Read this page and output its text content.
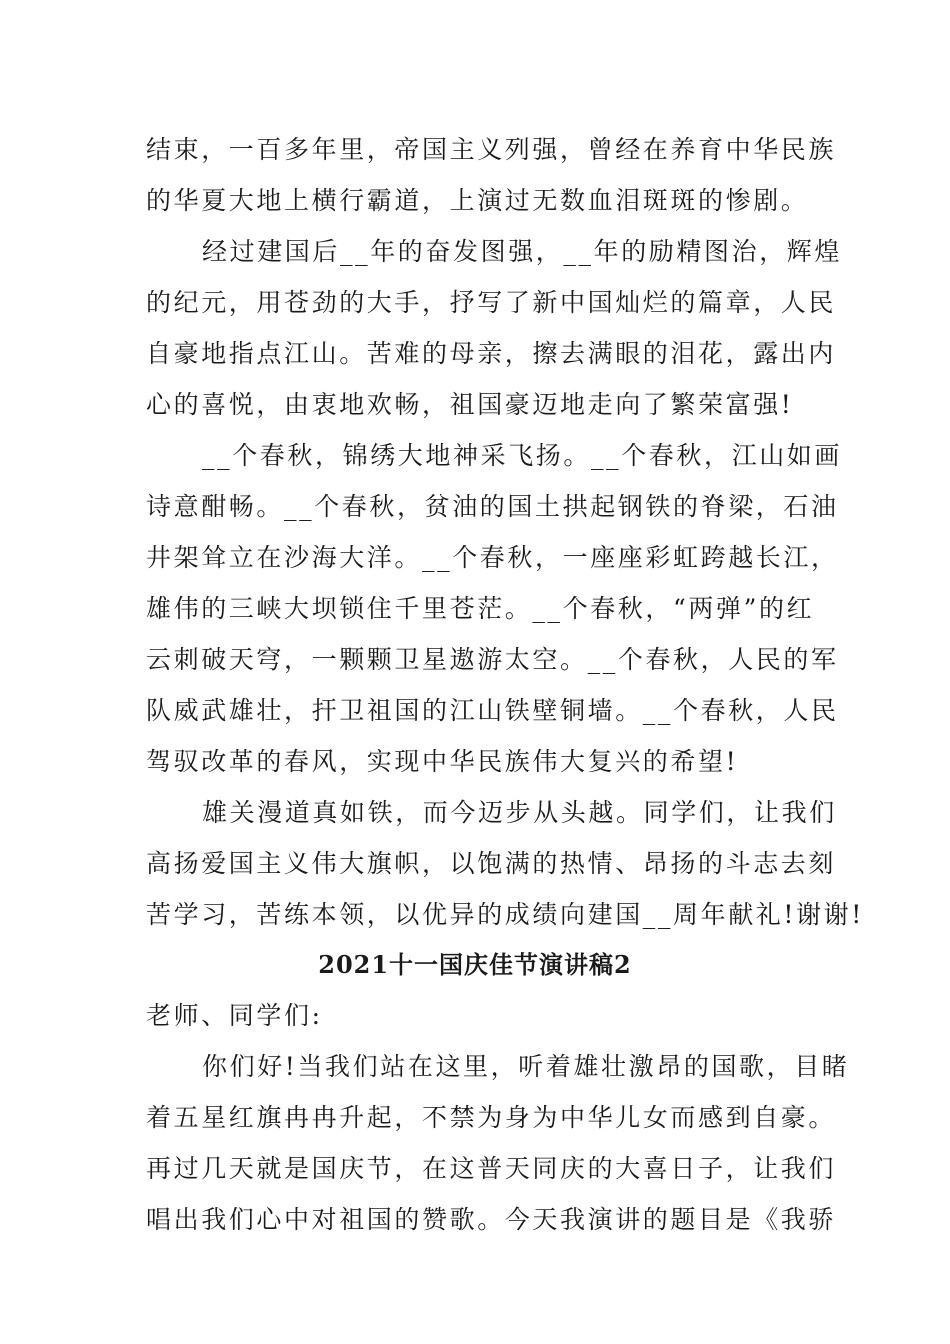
结束，一百多年里，帝国主义列强，曾经在养育中华民族
的华夏大地上横行霸道，上演过无数血泪斑斑的惨剧。
经过建国后__年的奋发图强，__年的励精图治，辉煌
的纪元，用苍劲的大手，抒写了新中国灿烂的篇章，人民
自豪地指点江山。苦难的母亲，擦去满眼的泪花，露出内
心的喜悦，由衷地欢畅，祖国豪迈地走向了繁荣富强!
__个春秋，锦绣大地神采飞扬。__个春秋，江山如画
诗意酣畅。__个春秋，贫油的国土拱起钢铁的脊梁，石油
井架耸立在沙海大洋。__个春秋，一座座彩虹跨越长江，
雄伟的三峡大坝锁住千里苍茫。__个春秋，“两弹”的红
云刺破天穹，一颗颗卫星遨游太空。__个春秋，人民的军
队威武雄壮，扞卫祖国的江山铁壁铜墙。__个春秋，人民
驾驭改革的春风，实现中华民族伟大复兴的希望!
雄关漫道真如铁，而今迈步从头越。同学们，让我们
高扬爱国主义伟大旗帜，以饱满的热情、昂扬的斗志去刻
苦学习，苦练本领，以优异的成绩向建国__周年献礼!谢谢!
2021十一国庆佳节演讲稿2
老师、同学们:
你们好!当我们站在这里，听着雄壮激昂的国歌，目睹
着五星红旗冉冉升起，不禁为身为中华儿女而感到自豪。
再过几天就是国庆节，在这普天同庆的大喜日子，让我们
唱出我们心中对祖国的赞歌。今天我演讲的题目是《我骄
